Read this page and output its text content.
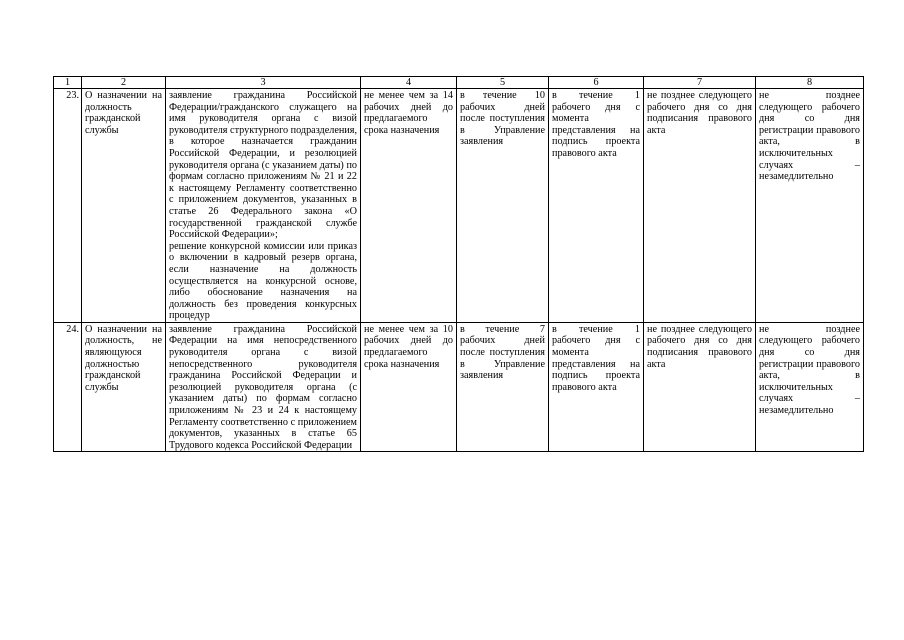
1	2	3	4	5	6	7	8
23.	О назначении на должность гражданской службы	заявление гражданина Российской Федерации/гражданского служащего на имя руководителя органа с визой руководителя структурного подразделения, в которое назначается гражданин Российской Федерации, и резолюцией руководителя органа (с указанием даты) по формам согласно приложениям № 21 и 22 к настоящему Регламенту соответственно с приложением документов, указанных в статье 26 Федерального закона «О государственной гражданской службе Российской Федерации»;
решение конкурсной комиссии или приказ о включении в кадровый резерв органа, если назначение на должность осуществляется на конкурсной основе, либо обоснование назначения на должность без проведения конкурсных процедур	не менее чем за 14 рабочих дней до предлагаемого срока назначения	в течение 10 рабочих дней после поступления в Управление заявления	в течение 1 рабочего дня с момента представления на подпись проекта правового акта	не позднее следующего рабочего дня со дня подписания правового акта	не позднее следующего рабочего дня со дня регистрации правового акта, в исключительных случаях – незамедлительно
24.	О назначении на должность, не являющуюся должностью гражданской службы	заявление гражданина Российской Федерации на имя непосредственного руководителя органа с визой непосредственного руководителя гражданина Российской Федерации и резолюцией руководителя органа (с указанием даты) по формам согласно приложениям № 23 и 24 к настоящему Регламенту соответственно с приложением документов, указанных в статье 65 Трудового кодекса Российской Федерации	не менее чем за 10 рабочих дней до предлагаемого срока назначения	в течение 7 рабочих дней после поступления в Управление заявления	в течение 1 рабочего дня с момента представления на подпись проекта правового акта	не позднее следующего рабочего дня со дня подписания правового акта	не позднее следующего рабочего дня со дня регистрации правового акта, в исключительных случаях – незамедлительно
